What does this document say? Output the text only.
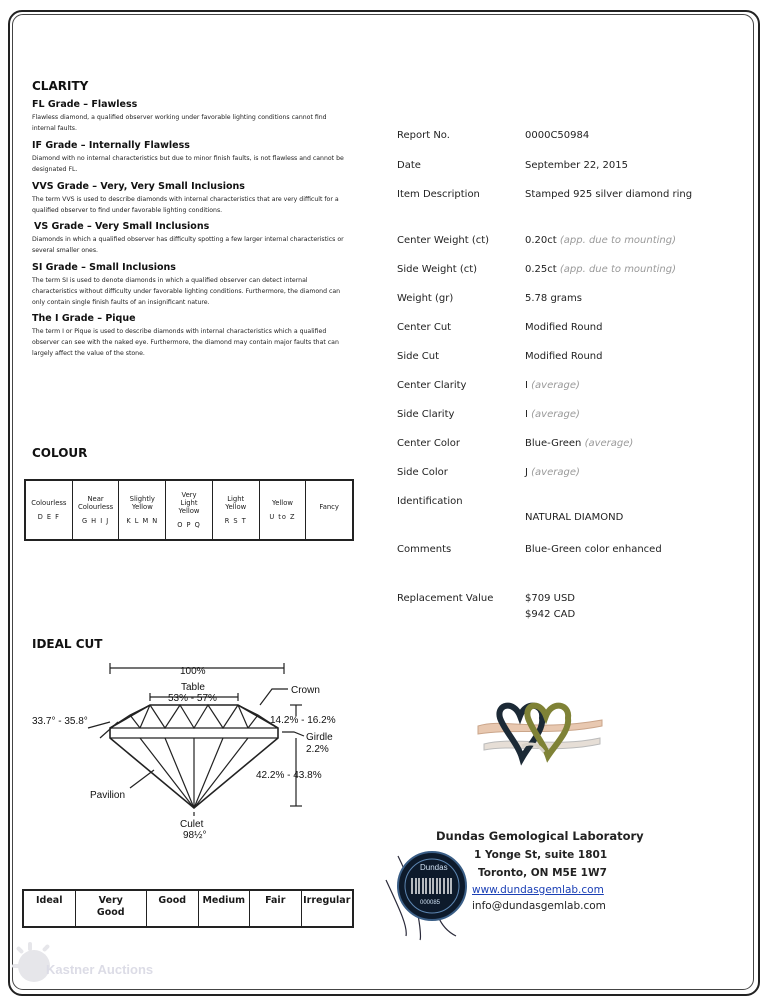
CLARITY
FL Grade – Flawless
Flawless diamond, a qualified observer working under favorable lighting conditions cannot find internal faults.
IF Grade – Internally Flawless
Diamond with no internal characteristics but due to minor finish faults, is not flawless and cannot be designated FL.
VVS Grade – Very, Very Small Inclusions
The term VVS is used to describe diamonds with internal characteristics that are very difficult for a qualified observer to find under favorable lighting conditions.
VS Grade – Very Small Inclusions
Diamonds in which a qualified observer has difficulty spotting a few larger internal characteristics or several smaller ones.
SI Grade – Small Inclusions
The term SI is used to denote diamonds in which a qualified observer can detect internal characteristics without difficulty under favorable lighting conditions. Furthermore, the diamond can only contain single finish faults of an insignificant nature.
The I Grade – Pique
The term I or Pique is used to describe diamonds with internal characteristics which a qualified observer can see with the naked eye. Furthermore, the diamond may contain major faults that can largely affect the value of the stone.
COLOUR
Colourless
D E F
Near Colourless
G H I J
Slightly Yellow
K L M N
Very Light Yellow
O P Q
Light Yellow
R S T
Yellow
U to Z
Fancy
IDEAL CUT
100%
Table
53% - 57%
Crown
33.7° - 35.8°	14.2% - 16.2%
Girdle
2.2%
42.2% - 43.8%
Pavilion
Culet
98½°
Ideal	Very Good
Good	Medium	Fair	Irregular
Report No.	0000C50984
Date	September 22, 2015
Item Description	Stamped 925 silver diamond ring
Center Weight (ct)	0.20ct (app. due to mounting)
Side Weight (ct)	0.25ct (app. due to mounting)
Weight (gr)	5.78 grams
Center Cut	Modified Round
Side Cut	Modified Round
Center Clarity	I (average)
Side Clarity	I (average)
Center Color	Blue-Green (average)
Side Color	J (average)
Identification
NATURAL DIAMOND
Comments	Blue-Green color enhanced
Replacement Value	$709 USD
$942 CAD
Dundas Gemological Laboratory
1 Yonge St, suite 1801
Toronto, ON M5E 1W7
www.dundasgemlab.com
info@dundasgemlab.com
Dundas
000085
Kastner Auctions
